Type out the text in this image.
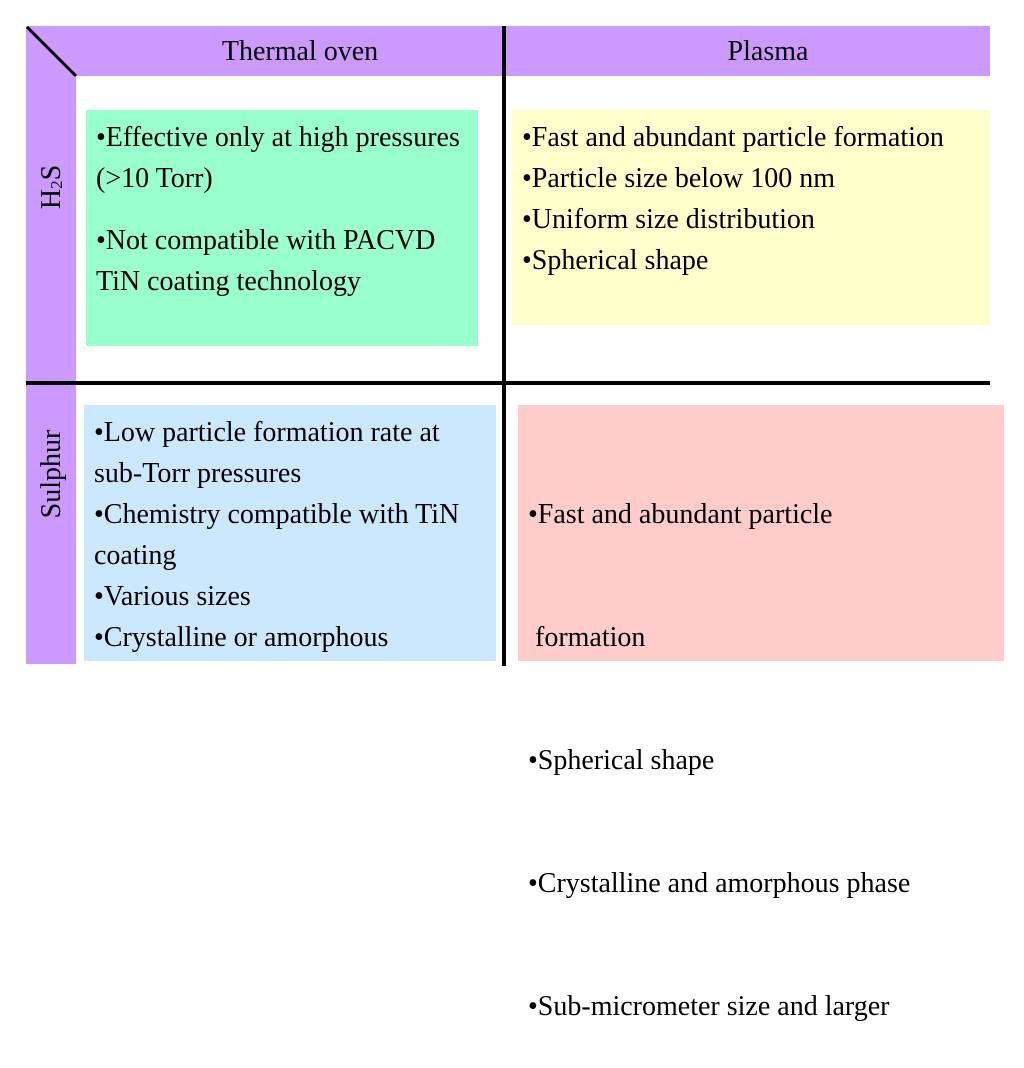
Thermal oven	Plasma
$H_2S$
Sulphur

•Effective only at high pressures (>10 Torr)

•Not compatible with PACVD TiN coating technology

•Fast and abundant particle formation

•Particle size below 100 nm

•Uniform size distribution

•Spherical shape

•Low particle formation rate at sub-Torr pressures

•Chemistry compatible with TiN coating

•Various sizes

•Crystalline or amorphous

•Fast and abundant particle

formation

•Spherical shape

•Crystalline and amorphous phase

•Sub-micrometer size and larger
